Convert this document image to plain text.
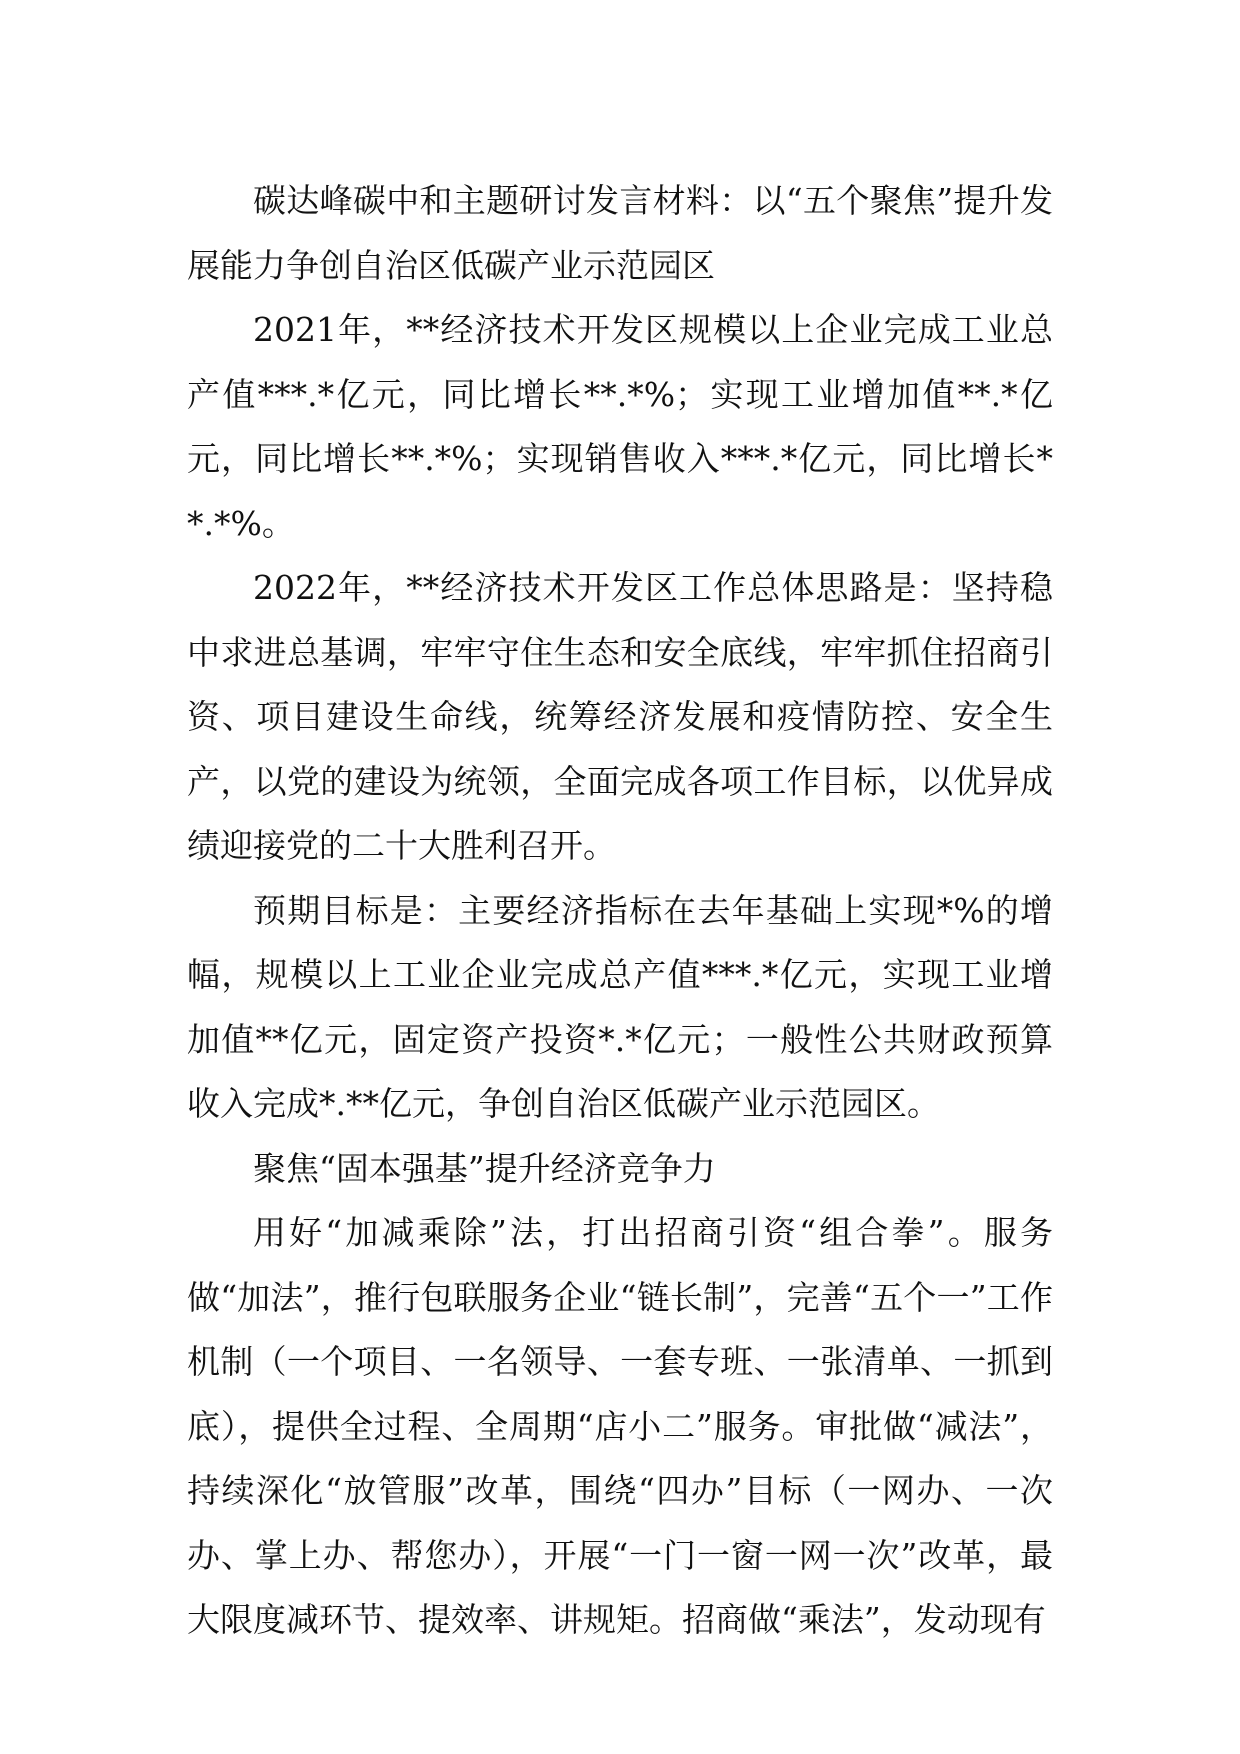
碳达峰碳中和主题研讨发言材料：以“五个聚焦”提升发展能力争创自治区低碳产业示范园区

2021年，**经济技术开发区规模以上企业完成工业总产值***.*亿元，同比增长**.*%；实现工业增加值**.*亿元，同比增长**.*%；实现销售收入***.*亿元，同比增长**.*%。

2022年，**经济技术开发区工作总体思路是：坚持稳中求进总基调，牢牢守住生态和安全底线，牢牢抓住招商引资、项目建设生命线，统筹经济发展和疫情防控、安全生产，以党的建设为统领，全面完成各项工作目标，以优异成绩迎接党的二十大胜利召开。

预期目标是：主要经济指标在去年基础上实现*%的增幅，规模以上工业企业完成总产值***.*亿元，实现工业增加值**亿元，固定资产投资*.*亿元；一般性公共财政预算收入完成*.**亿元，争创自治区低碳产业示范园区。

聚焦“固本强基”提升经济竞争力

用好“加减乘除”法，打出招商引资“组合拳”。服务做“加法”，推行包联服务企业“链长制”，完善“五个一”工作机制（一个项目、一名领导、一套专班、一张清单、一抓到底），提供全过程、全周期“店小二”服务。审批做“减法”，持续深化“放管服”改革，围绕“四办”目标（一网办、一次办、掌上办、帮您办），开展“一门一窗一网一次”改革，最大限度减环节、提效率、讲规矩。招商做“乘法”，发动现有
